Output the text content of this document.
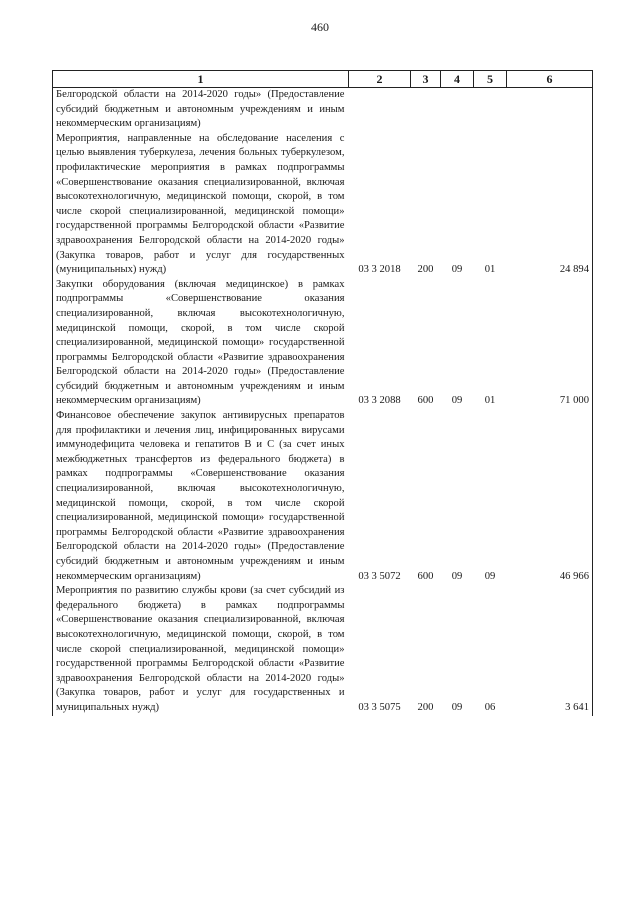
460
1	2	3	4	5	6
Белгородской области на 2014-2020 годы» (Предоставление субсидий бюджетным и автономным учреждениям и иным некоммерческим организациям)					
Мероприятия, направленные на обследование населения с целью выявления туберкулеза, лечения больных туберкулезом, профилактические мероприятия в рамках подпрограммы «Совершенствование оказания специализированной, включая высокотехнологичную, медицинской помощи, скорой, в том числе скорой специализированной, медицинской помощи» государственной программы Белгородской области «Развитие здравоохранения Белгородской области на 2014-2020 годы» (Закупка товаров, работ и услуг для государственных (муниципальных) нужд)	03 3 2018	200	09	01	24 894
Закупки оборудования (включая медицинское) в рамках подпрограммы «Совершенствование оказания специализированной, включая высокотехнологичную, медицинской помощи, скорой, в том числе скорой специализированной, медицинской помощи» государственной программы Белгородской области «Развитие здравоохранения Белгородской области на 2014-2020 годы» (Предоставление субсидий бюджетным и автономным учреждениям и иным некоммерческим организациям)	03 3 2088	600	09	01	71 000
Финансовое обеспечение закупок антивирусных препаратов для профилактики и лечения лиц, инфицированных вирусами иммунодефицита человека и гепатитов В и С (за счет иных межбюджетных трансфертов из федерального бюджета) в рамках подпрограммы «Совершенствование оказания специализированной, включая высокотехнологичную, медицинской помощи, скорой, в том числе скорой специализированной, медицинской помощи» государственной программы Белгородской области «Развитие здравоохранения Белгородской области на 2014-2020 годы» (Предоставление субсидий бюджетным и автономным учреждениям и иным некоммерческим организациям)	03 3 5072	600	09	09	46 966
Мероприятия по развитию службы крови (за счет субсидий из федерального бюджета) в рамках подпрограммы «Совершенствование оказания специализированной, включая высокотехнологичную, медицинской помощи, скорой, в том числе скорой специализированной, медицинской помощи» государственной программы Белгородской области «Развитие здравоохранения Белгородской области на 2014-2020 годы» (Закупка товаров, работ и услуг для государственных и муниципальных нужд)	03 3 5075	200	09	06	3 641
